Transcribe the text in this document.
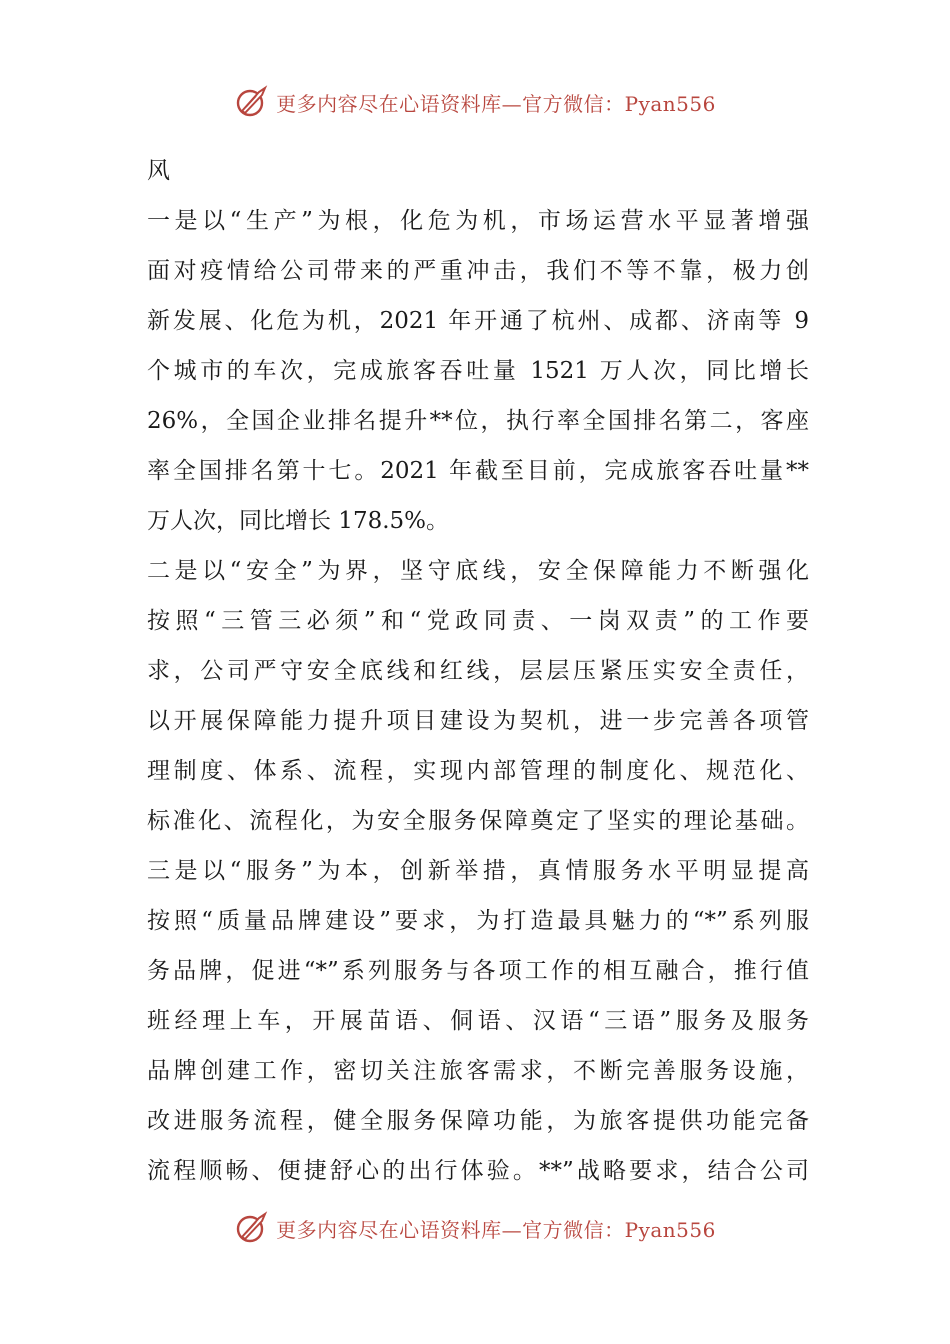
更多内容尽在心语资料库—官方微信：Pyan556
风
一是以“生产”为根，化危为机，市场运营水平显著增强
面对疫情给公司带来的严重冲击，我们不等不靠，极力创
新发展、化危为机，2021 年开通了杭州、成都、济南等 9
个城市的车次，完成旅客吞吐量 1521 万人次，同比增长
26%，全国企业排名提升**位，执行率全国排名第二，客座
率全国排名第十七。2021 年截至目前，完成旅客吞吐量**
万人次，同比增长 178.5%。
二是以“安全”为界，坚守底线，安全保障能力不断强化
按照“三管三必须”和“党政同责、一岗双责”的工作要
求，公司严守安全底线和红线，层层压紧压实安全责任，
以开展保障能力提升项目建设为契机，进一步完善各项管
理制度、体系、流程，实现内部管理的制度化、规范化、
标准化、流程化，为安全服务保障奠定了坚实的理论基础。
三是以“服务”为本，创新举措，真情服务水平明显提高
按照“质量品牌建设”要求，为打造最具魅力的“*”系列服
务品牌，促进“*”系列服务与各项工作的相互融合，推行值
班经理上车，开展苗语、侗语、汉语“三语”服务及服务
品牌创建工作，密切关注旅客需求，不断完善服务设施，
改进服务流程，健全服务保障功能，为旅客提供功能完备
流程顺畅、便捷舒心的出行体验。**”战略要求，结合公司
更多内容尽在心语资料库—官方微信：Pyan556
